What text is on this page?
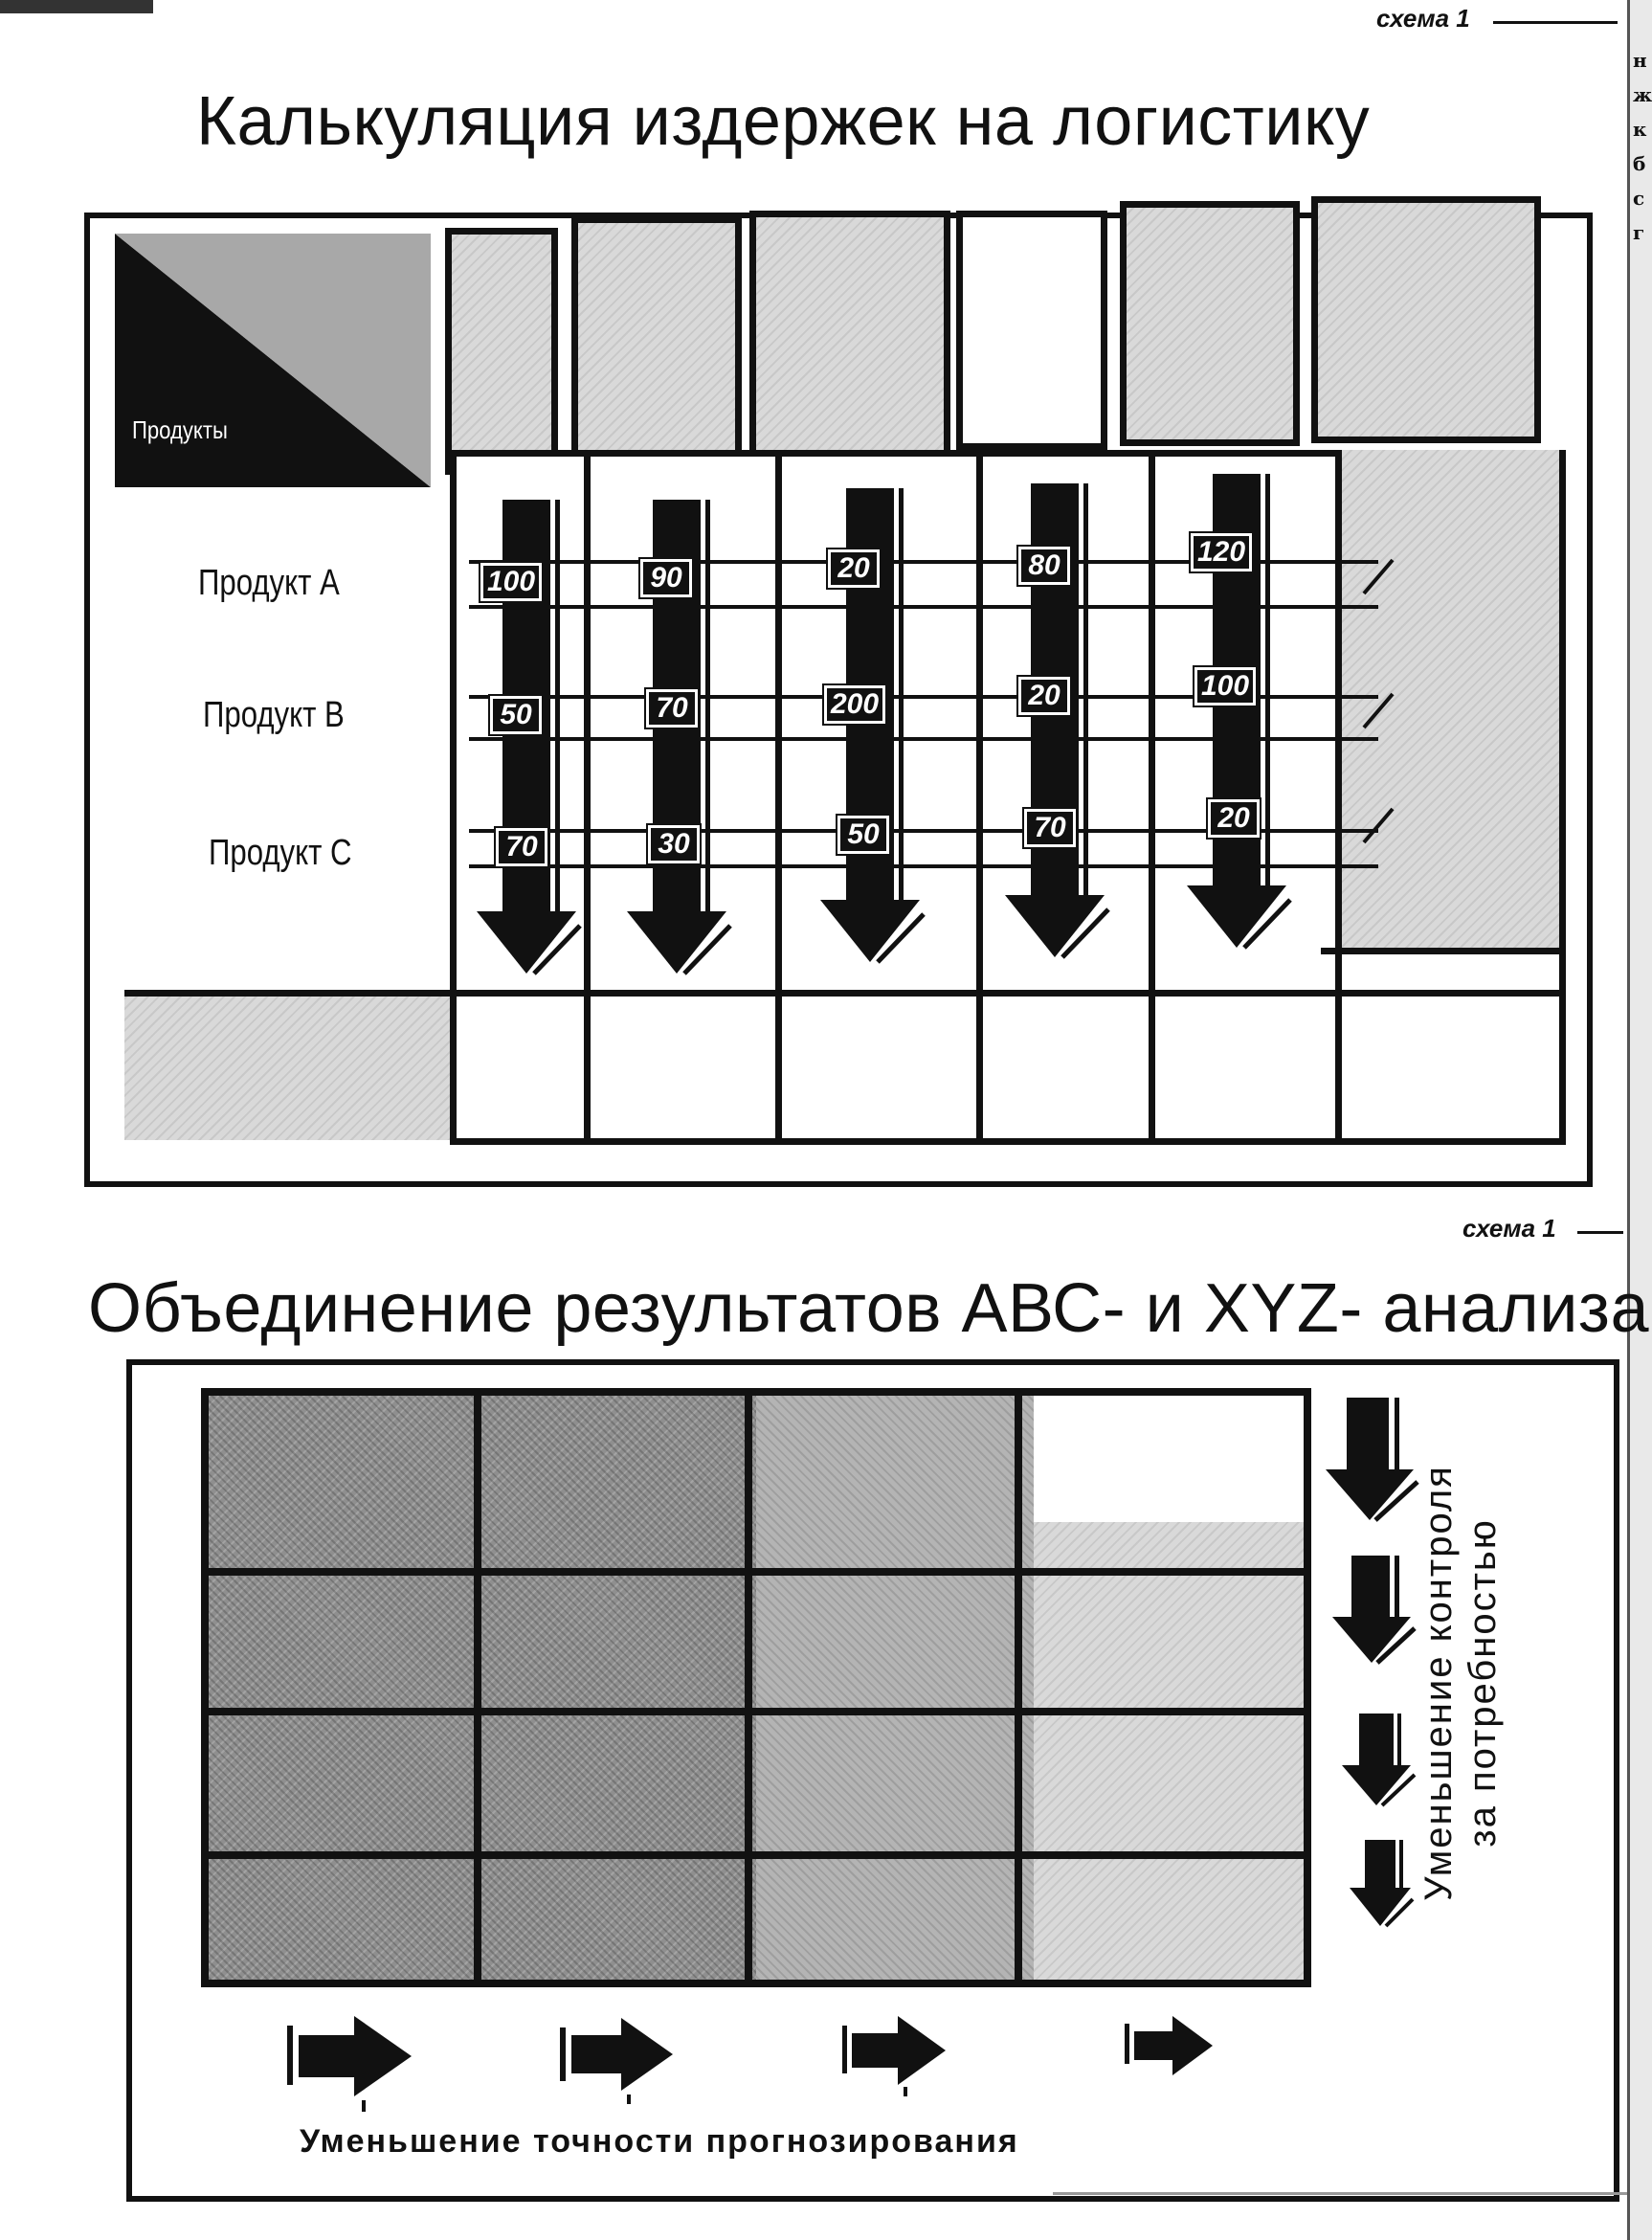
н
ж
к
б
с
г
схема 1
Калькуляция издержек на логистику
Продукты
Продукт А
Продукт В
Продукт С
100
50
70
90
70
30
20
200
50
80
20
70
120
100
20
схема 1
Объединение результатов АВС- и XYZ- анализа
Уменьшение контроля за потребностью
Уменьшение точности прогнозирования
